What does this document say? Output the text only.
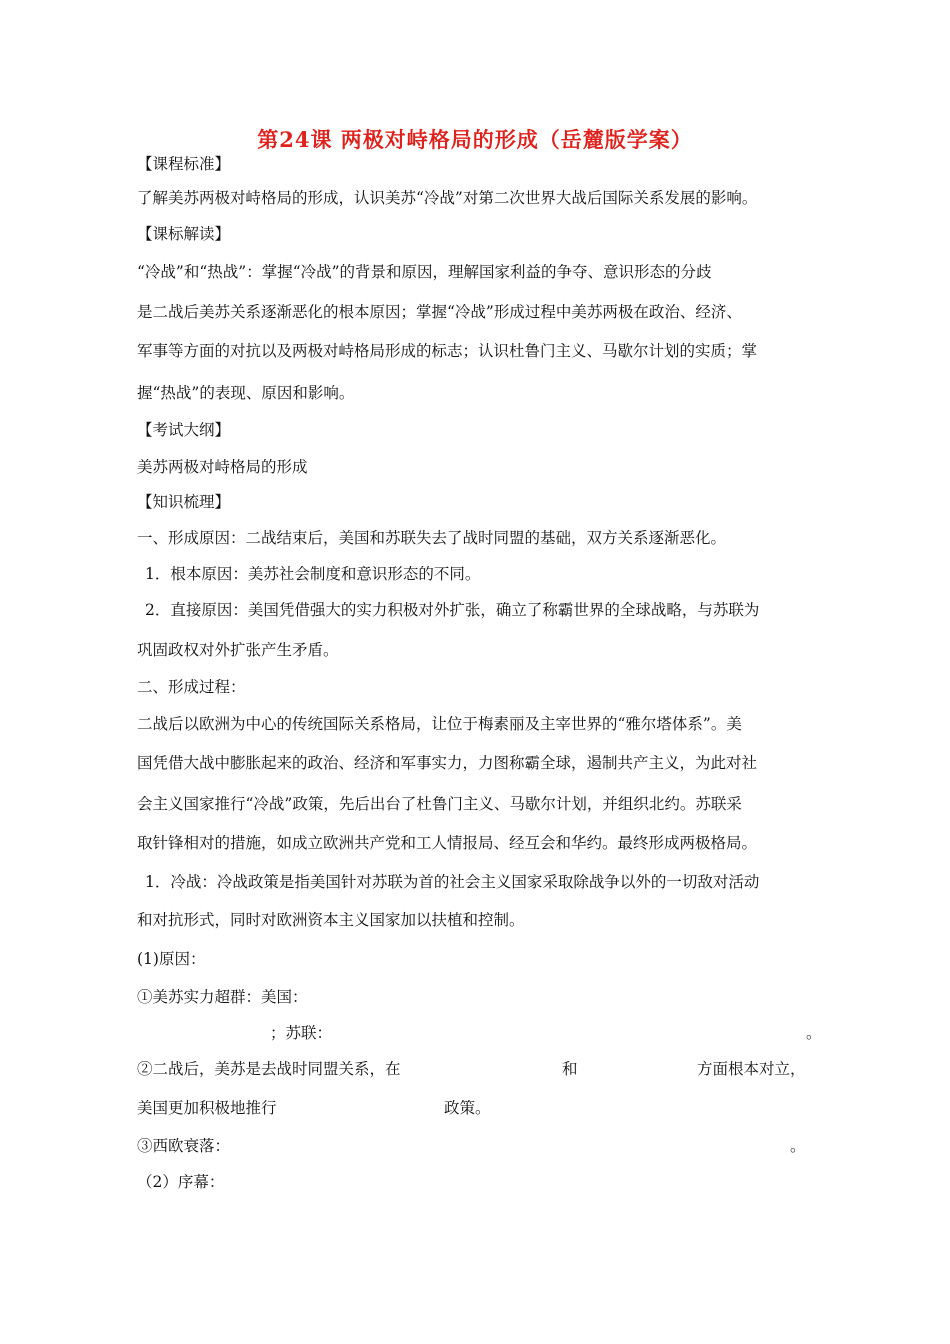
第24课 两极对峙格局的形成（岳麓版学案）
【课程标准】
了解美苏两极对峙格局的形成，认识美苏“冷战”对第二次世界大战后国际关系发展的影响。
【课标解读】
“冷战”和“热战”：掌握“冷战”的背景和原因，理解国家利益的争夺、意识形态的分歧
是二战后美苏关系逐渐恶化的根本原因；掌握“冷战”形成过程中美苏两极在政治、经济、
军事等方面的对抗以及两极对峙格局形成的标志；认识杜鲁门主义、马歇尔计划的实质；掌
握“热战”的表现、原因和影响。
【考试大纲】
美苏两极对峙格局的形成
【知识梳理】
一、形成原因：二战结束后，美国和苏联失去了战时同盟的基础，双方关系逐渐恶化。
1．根本原因：美苏社会制度和意识形态的不同。
2．直接原因：美国凭借强大的实力积极对外扩张，确立了称霸世界的全球战略，与苏联为
巩固政权对外扩张产生矛盾。
二、形成过程：
二战后以欧洲为中心的传统国际关系格局，让位于梅素丽及主宰世界的“雅尔塔体系”。美
国凭借大战中膨胀起来的政治、经济和军事实力，力图称霸全球，遏制共产主义，为此对社
会主义国家推行“冷战”政策，先后出台了杜鲁门主义、马歇尔计划，并组织北约。苏联采
取针锋相对的措施，如成立欧洲共产党和工人情报局、经互会和华约。最终形成两极格局。
1．冷战：冷战政策是指美国针对苏联为首的社会主义国家采取除战争以外的一切敌对活动
和对抗形式，同时对欧洲资本主义国家加以扶植和控制。
(1)原因：
①美苏实力超群：美国：
；苏联：	。
②二战后，美苏是去战时同盟关系，在	和	方面根本对立，
美国更加积极地推行	政策。
③西欧衰落：	。
（2）序幕：
